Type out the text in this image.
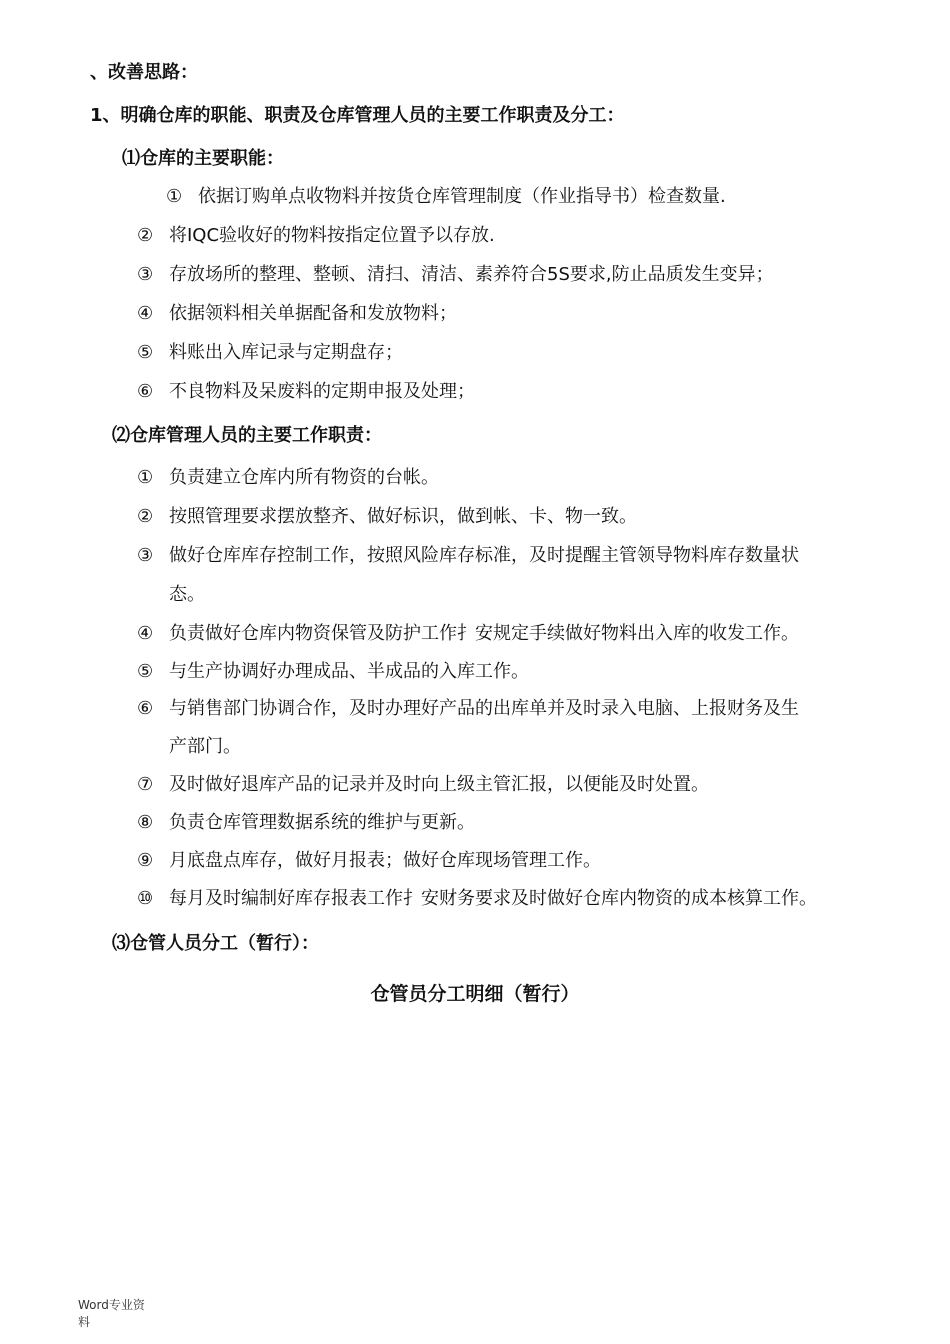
、改善思路：
1、明确仓库的职能、职责及仓库管理人员的主要工作职责及分工：
⑴仓库的主要职能：
① 依据订购单点收物料并按货仓库管理制度（作业指导书）检查数量.
② 将IQC验收好的物料按指定位置予以存放.
③ 存放场所的整理、整顿、清扫、清洁、素养符合5S要求,防止品质发生变异；
④ 依据领料相关单据配备和发放物料；
⑤ 料账出入库记录与定期盘存；
⑥ 不良物料及呆废料的定期申报及处理；
⑵仓库管理人员的主要工作职责：
① 负责建立仓库内所有物资的台帐。
② 按照管理要求摆放整齐、做好标识，做到帐、卡、物一致。
③ 做好仓库库存控制工作，按照风险库存标准，及时提醒主管领导物料库存数量状
态。
④ 负责做好仓库内物资保管及防护工作扌安规定手续做好物料出入库的收发工作。
⑤ 与生产协调好办理成品、半成品的入库工作。
⑥ 与销售部门协调合作，及时办理好产品的出库单并及时录入电脑、上报财务及生
产部门。
⑦ 及时做好退库产品的记录并及时向上级主管汇报，以便能及时处置。
⑧ 负责仓库管理数据系统的维护与更新。
⑨ 月底盘点库存，做好月报表；做好仓库现场管理工作。
⑩ 每月及时编制好库存报表工作扌安财务要求及时做好仓库内物资的成本核算工作。
⑶仓管人员分工（暂行）：
仓管员分工明细（暂行）
Word专业资
料
